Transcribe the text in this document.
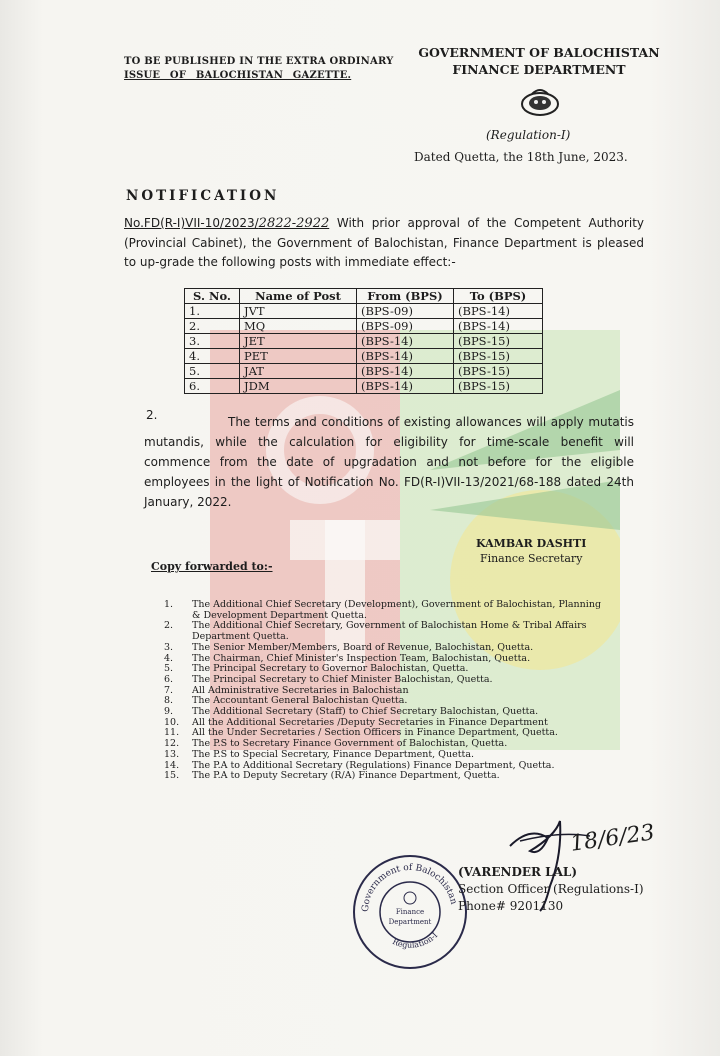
TO BE PUBLISHED IN THE EXTRA ORDINARY
ISSUE OF BALOCHISTAN GAZETTE.
GOVERNMENT OF BALOCHISTAN
FINANCE DEPARTMENT
(Regulation-I)
Dated Quetta, the 18th June, 2023.
NOTIFICATION
No.FD(R-I)VII-10/2023/2822-2922 With prior approval of the Competent Authority (Provincial Cabinet), the Government of Balochistan, Finance Department is pleased to up-grade the following posts with immediate effect:-
S. No.	Name of Post	From (BPS)	To (BPS)
1.	JVT	(BPS-09)	(BPS-14)
2.	MQ	(BPS-09)	(BPS-14)
3.	JET	(BPS-14)	(BPS-15)
4.	PET	(BPS-14)	(BPS-15)
5.	JAT	(BPS-14)	(BPS-15)
6.	JDM	(BPS-14)	(BPS-15)
2.	The terms and conditions of existing allowances will apply mutatis mutandis, while the calculation for eligibility for time-scale benefit will commence from the date of upgradation and not before for the eligible employees in the light of Notification No. FD(R-I)VII-13/2021/68-188 dated 24th January, 2022.
KAMBAR DASHTI
Finance Secretary
Copy forwarded to:-
1.	The Additional Chief Secretary (Development), Government of Balochistan, Planning & Development Department Quetta.
2.	The Additional Chief Secretary, Government of Balochistan Home & Tribal Affairs Department Quetta.
3.	The Senior Member/Members, Board of Revenue, Balochistan, Quetta.
4.	The Chairman, Chief Minister's Inspection Team, Balochistan, Quetta.
5.	The Principal Secretary to Governor Balochistan, Quetta.
6.	The Principal Secretary to Chief Minister Balochistan, Quetta.
7.	All Administrative Secretaries in Balochistan
8.	The Accountant General Balochistan Quetta.
9.	The Additional Secretary (Staff) to Chief Secretary Balochistan, Quetta.
10.	All the Additional Secretaries /Deputy Secretaries in Finance Department
11.	All the Under Secretaries / Section Officers in Finance Department, Quetta.
12.	The P.S to Secretary Finance Government of Balochistan, Quetta.
13.	The P.S to Special Secretary, Finance Department, Quetta.
14.	The P.A to Additional Secretary (Regulations) Finance Department, Quetta.
15.	The P.A to Deputy Secretary (R/A) Finance Department, Quetta.
Government of Balochistan
Regulation-I
Finance
Department
18/6/23
(VARENDER LAL)
Section Officer (Regulations-I)
Phone# 9201130
